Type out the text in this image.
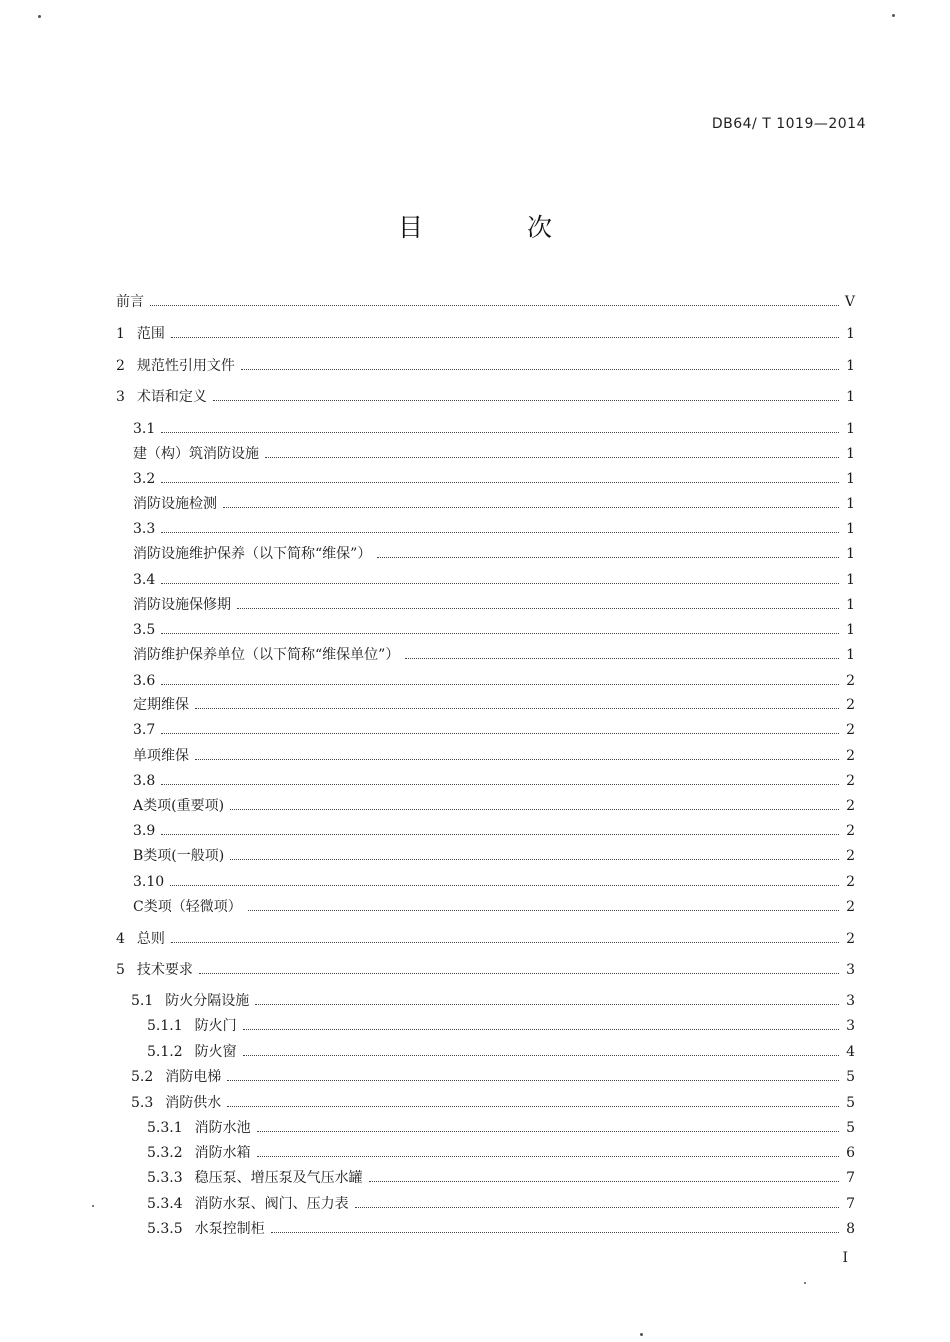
DB64/ T 1019—2014
目 次
前言	V
1 范围	1
2 规范性引用文件	1
3 术语和定义	1
3.1	1
建（构）筑消防设施	1
3.2	1
消防设施检测	1
3.3	1
消防设施维护保养（以下简称“维保”）	1
3.4	1
消防设施保修期	1
3.5	1
消防维护保养单位（以下简称“维保单位”）	1
3.6	2
定期维保	2
3.7	2
单项维保	2
3.8	2
A类项(重要项)	2
3.9	2
B类项(一般项)	2
3.10	2
C类项（轻微项）	2
4 总则	2
5 技术要求	3
5.1 防火分隔设施	3
5.1.1 防火门	3
5.1.2 防火窗	4
5.2 消防电梯	5
5.3 消防供水	5
5.3.1 消防水池	5
5.3.2 消防水箱	6
5.3.3 稳压泵、增压泵及气压水罐	7
5.3.4 消防水泵、阀门、压力表	7
5.3.5 水泵控制柜	8
I
